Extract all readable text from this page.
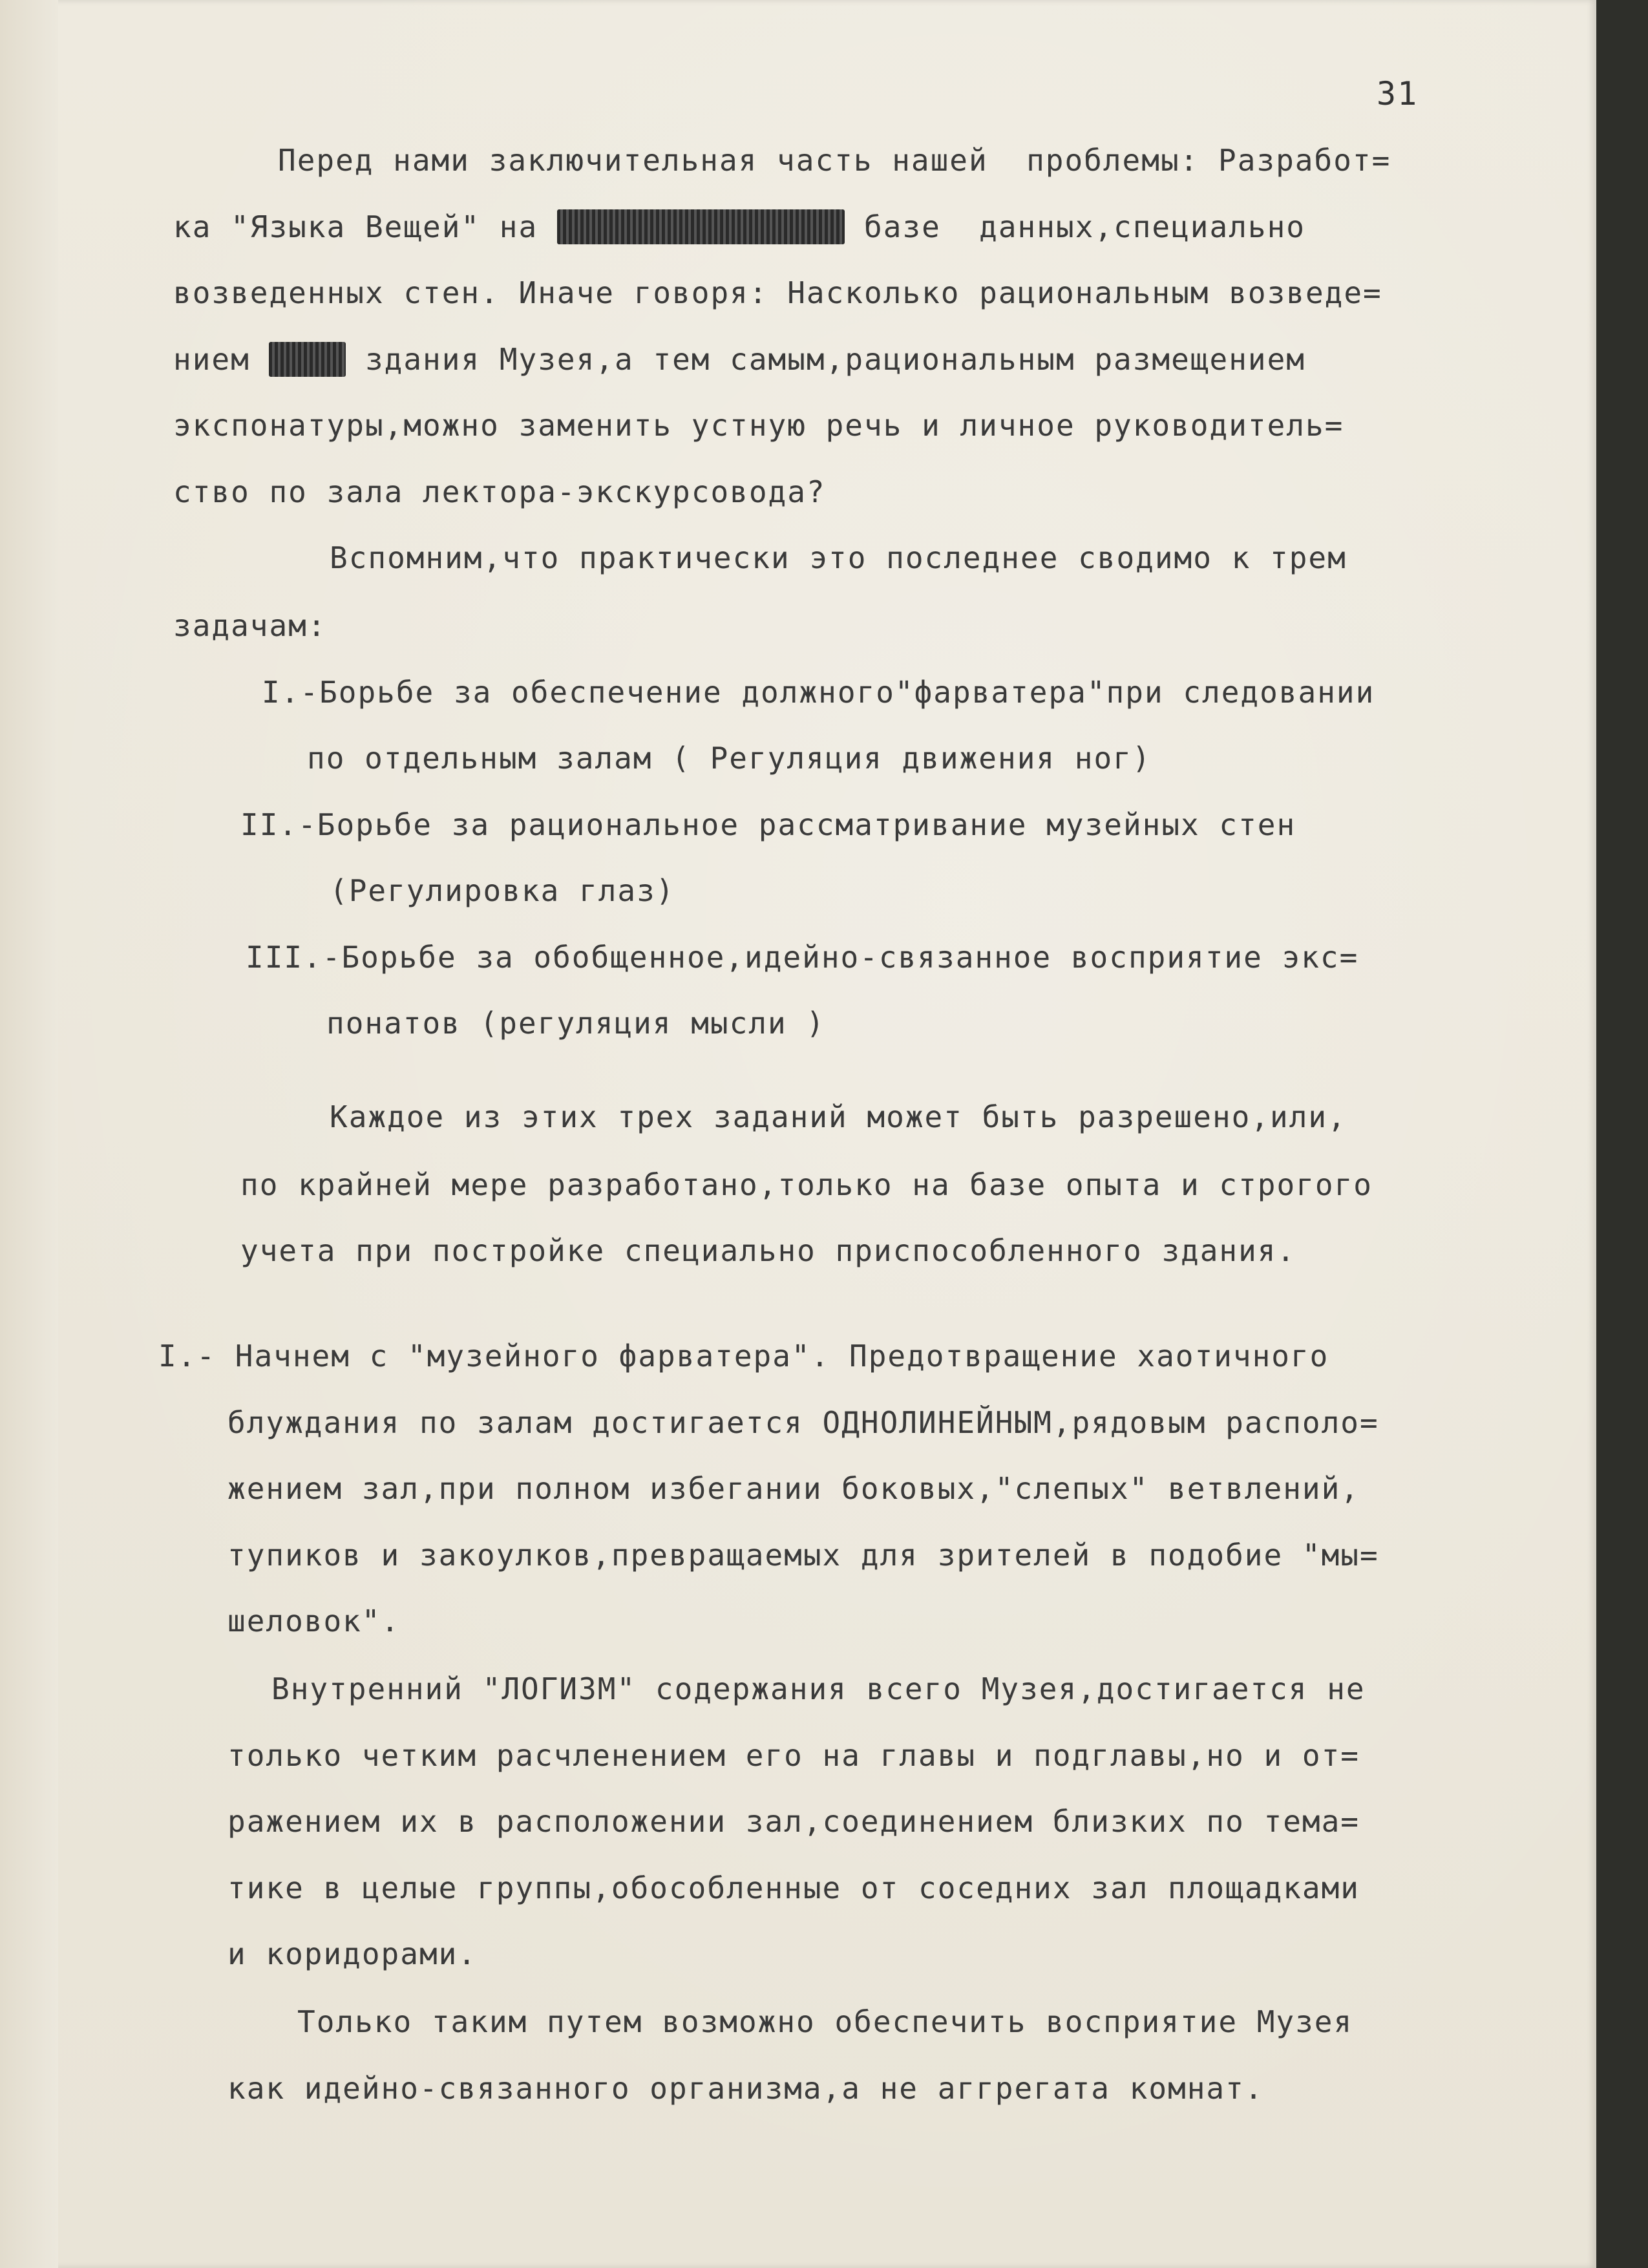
31
Перед нами заключительная часть нашей  проблемы: Разработ=
ка "Языка Вещей" на	базе  данных,специально
возведенных стен. Иначе говоря: Насколько рациональным возведе=
нием	здания Музея,а тем самым,рациональным размещением
экспонатуры,можно заменить устную речь и личное руководитель=
ство по зала лектора-экскурсовода?
Вспомним,что практически это последнее сводимо к трем
задачам:
I.-Борьбе за обеспечение должного"фарватера"при следовании
по отдельным залам ( Регуляция движения ног)
II.-Борьбе за рациональное рассматривание музейных стен
(Регулировка глаз)
III.-Борьбе за обобщенное,идейно-связанное восприятие экс=
понатов (регуляция мысли )
Каждое из этих трех заданий может быть разрешено,или,
по крайней мере разработано,только на базе опыта и строгого
учета при постройке специально приспособленного здания.
I.- Начнем с "музейного фарватера". Предотвращение хаотичного
блуждания по залам достигается ОДНОЛИНЕЙНЫМ,рядовым располо=
жением зал,при полном избегании боковых,"слепых" ветвлений,
тупиков и закоулков,превращаемых для зрителей в подобие "мы=
шеловок".
Внутренний "ЛОГИЗМ" содержания всего Музея,достигается не
только четким расчленением его на главы и подглавы,но и от=
ражением их в расположении зал,соединением близких по тема=
тике в целые группы,обособленные от соседних зал площадками
и коридорами.
Только таким путем возможно обеспечить восприятие Музея
как идейно-связанного организма,а не аггрегата комнат.
